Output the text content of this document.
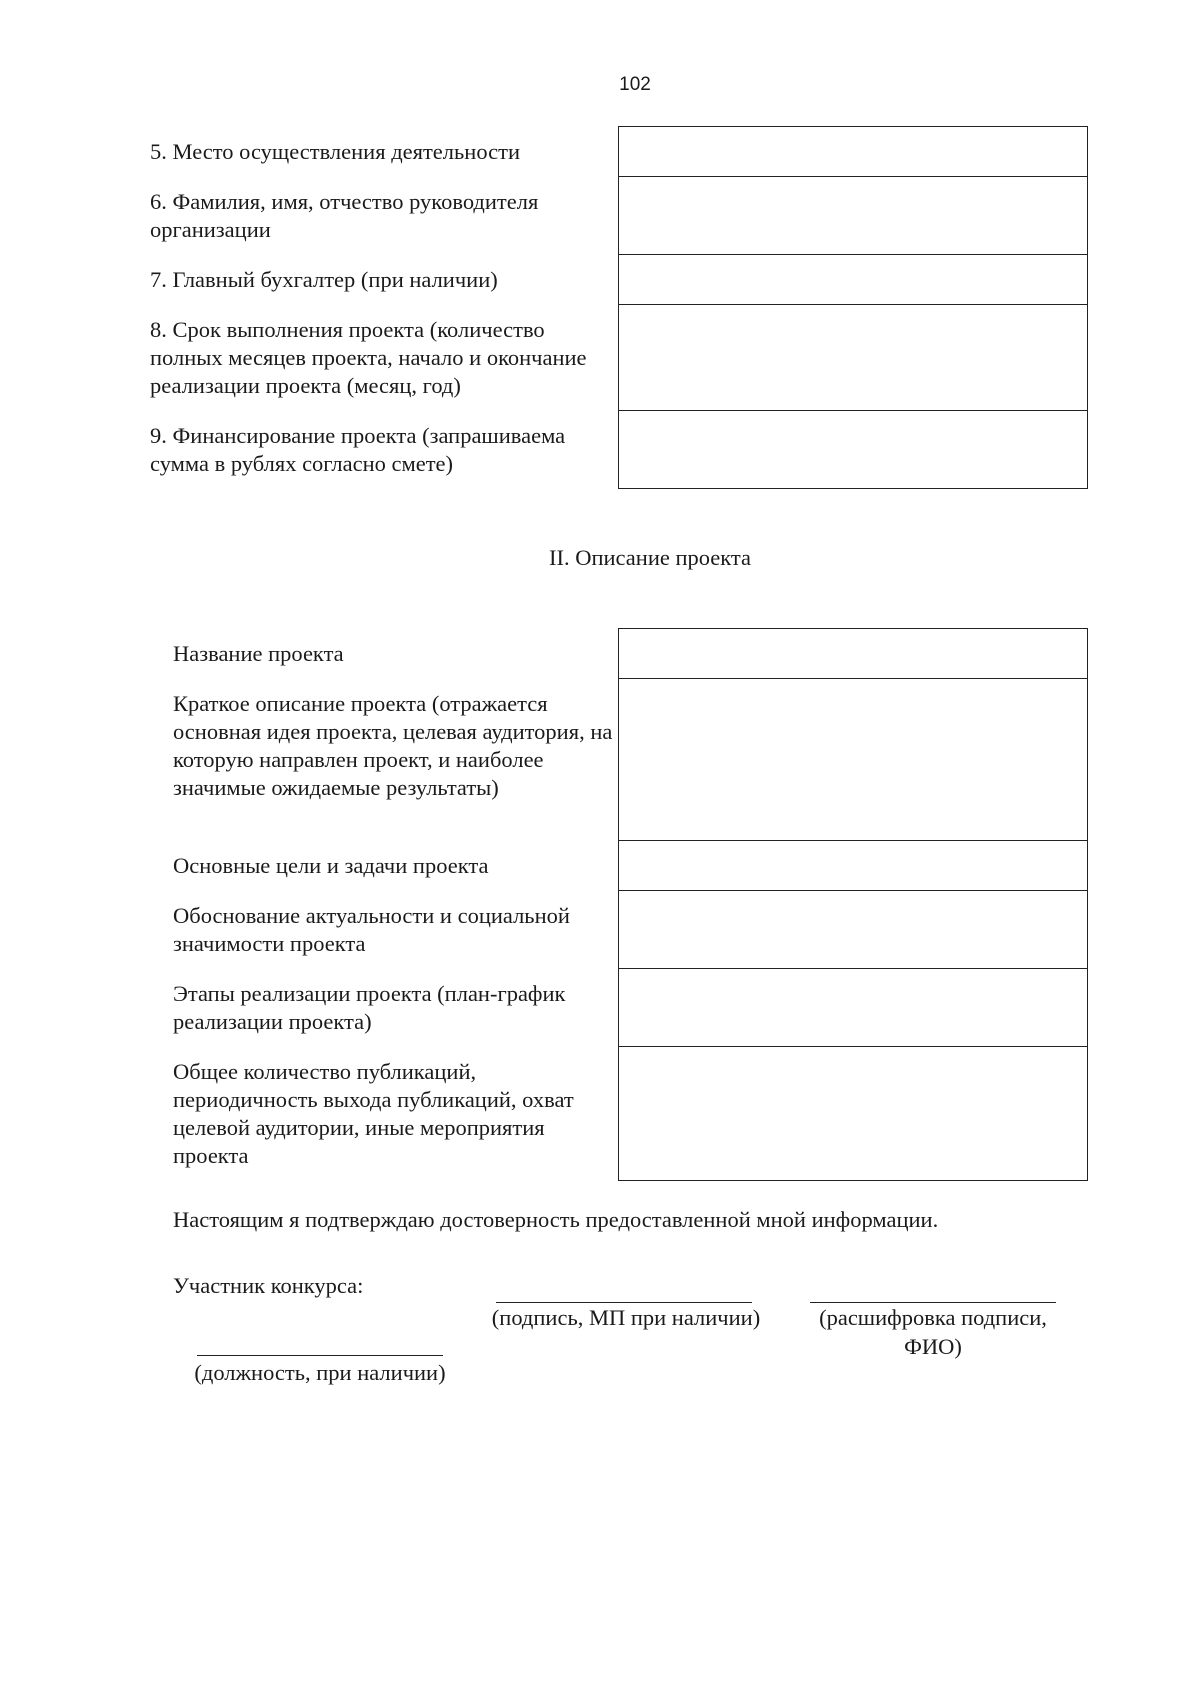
102
5. Место осуществления деятельности	
6. Фамилия, имя, отчество руководителя организации	
7. Главный бухгалтер (при наличии)	
8. Срок выполнения проекта (количество полных месяцев проекта, начало и окончание реализации проекта (месяц, год)	
9. Финансирование проекта (запрашиваема сумма в рублях согласно смете)	
II. Описание проекта
Название проекта	
Краткое описание проекта (отражается основная идея проекта, целевая аудитория, на которую направлен проект, и наиболее значимые ожидаемые результаты)	
Основные цели и задачи проекта	
Обоснование актуальности и социальной значимости проекта	
Этапы реализации проекта (план-график реализации проекта)	
Общее количество публикаций, периодичность выхода публикаций, охват целевой аудитории, иные мероприятия проекта	
Настоящим я подтверждаю достоверность предоставленной мной информации.
Участник конкурса:
(подпись, МП при наличии)	(расшифровка подписи,
ФИО)
(должность, при наличии)
